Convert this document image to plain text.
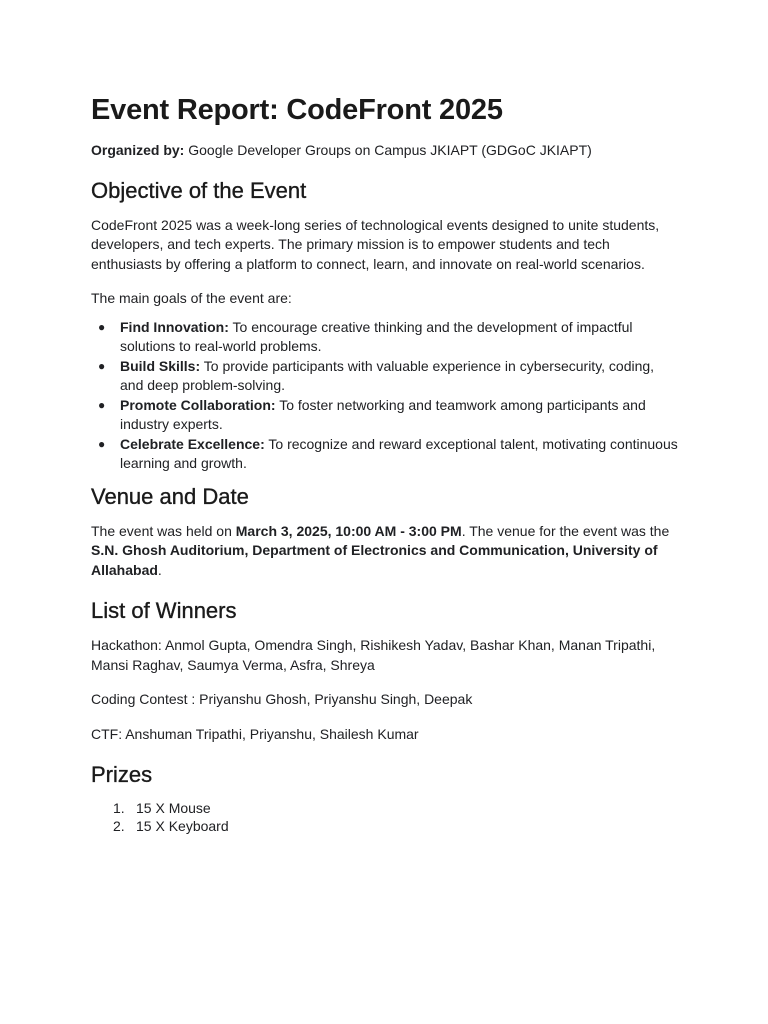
Event Report: CodeFront 2025

Organized by: Google Developer Groups on Campus JKIAPT (GDGoC JKIAPT)

Objective of the Event

CodeFront 2025 was a week-long series of technological events designed to unite students, developers, and tech experts. The primary mission is to empower students and tech enthusiasts by offering a platform to connect, learn, and innovate on real-world scenarios.

The main goals of the event are:

● Find Innovation: To encourage creative thinking and the development of impactful solutions to real-world problems.
● Build Skills: To provide participants with valuable experience in cybersecurity, coding, and deep problem-solving.
● Promote Collaboration: To foster networking and teamwork among participants and industry experts.
● Celebrate Excellence: To recognize and reward exceptional talent, motivating continuous learning and growth.
Venue and Date

The event was held on March 3, 2025, 10:00 AM - 3:00 PM. The venue for the event was the S.N. Ghosh Auditorium, Department of Electronics and Communication, University of Allahabad.

List of Winners

Hackathon: Anmol Gupta, Omendra Singh, Rishikesh Yadav, Bashar Khan, Manan Tripathi, Mansi Raghav, Saumya Verma, Asfra, Shreya

Coding Contest : Priyanshu Ghosh, Priyanshu Singh, Deepak

CTF: Anshuman Tripathi, Priyanshu, Shailesh Kumar

Prizes
1. 15 X Mouse
2. 15 X Keyboard
